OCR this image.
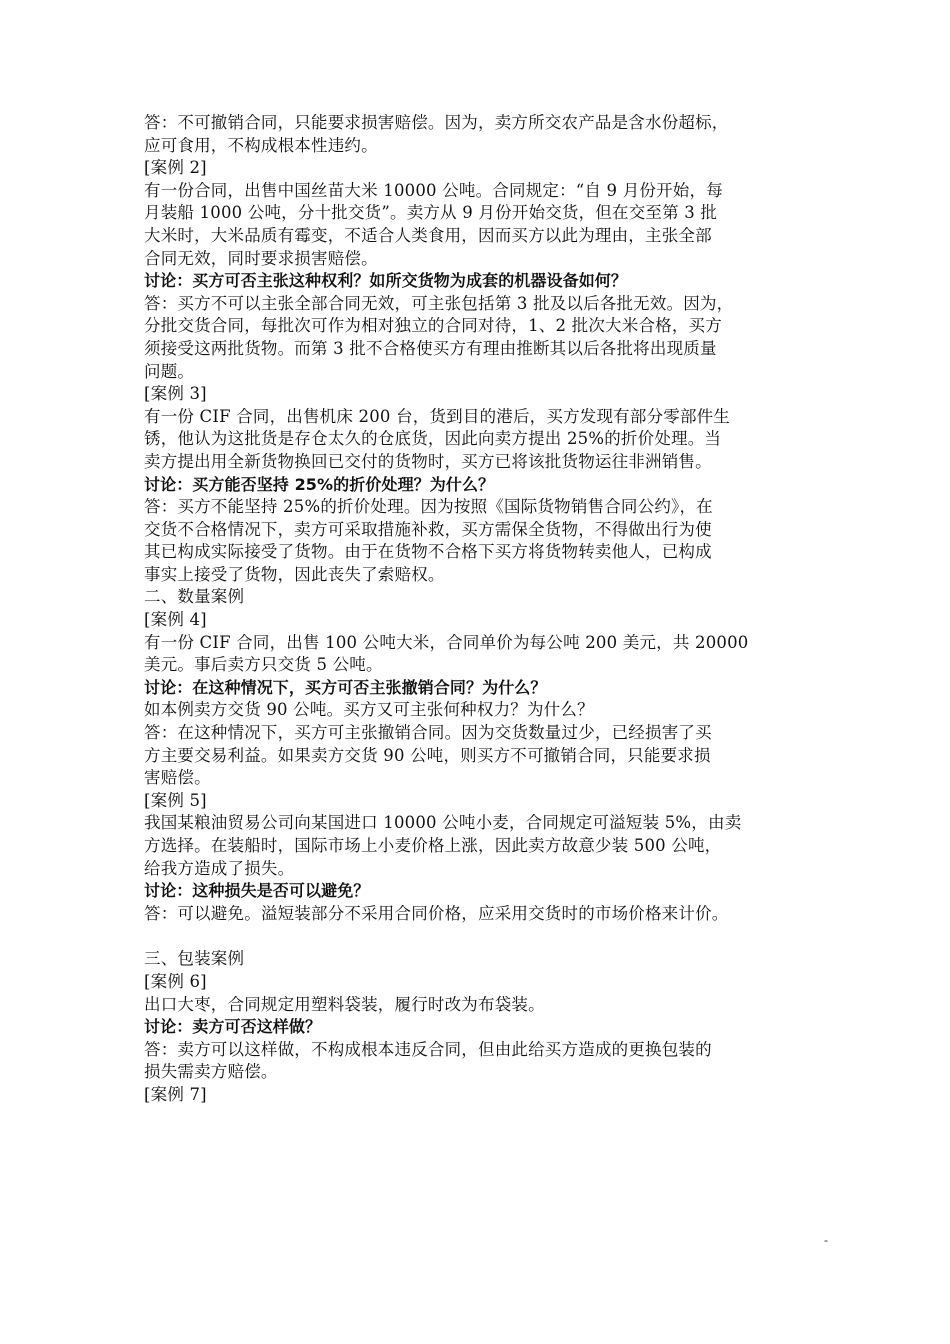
答：不可撤销合同，只能要求损害赔偿。因为，卖方所交农产品是含水份超标，
应可食用，不构成根本性违约。
[案例 2]
有一份合同，出售中国丝苗大米 10000 公吨。合同规定：“自 9 月份开始，每
月装船 1000 公吨，分十批交货”。卖方从 9 月份开始交货，但在交至第 3 批
大米时，大米品质有霉变，不适合人类食用，因而买方以此为理由，主张全部
合同无效，同时要求损害赔偿。
讨论：买方可否主张这种权利？如所交货物为成套的机器设备如何？
答：买方不可以主张全部合同无效，可主张包括第 3 批及以后各批无效。因为，
分批交货合同，每批次可作为相对独立的合同对待，1、2 批次大米合格，买方
须接受这两批货物。而第 3 批不合格使买方有理由推断其以后各批将出现质量
问题。
[案例 3]
有一份 CIF 合同，出售机床 200 台，货到目的港后，买方发现有部分零部件生
锈，他认为这批货是存仓太久的仓底货，因此向卖方提出 25%的折价处理。当
卖方提出用全新货物换回已交付的货物时，买方已将该批货物运往非洲销售。
讨论：买方能否坚持 25%的折价处理？为什么？
答：买方不能坚持 25%的折价处理。因为按照《国际货物销售合同公约》，在
交货不合格情况下，卖方可采取措施补救，买方需保全货物，不得做出行为使
其已构成实际接受了货物。由于在货物不合格下买方将货物转卖他人，已构成
事实上接受了货物，因此丧失了索赔权。
二、数量案例
[案例 4]
有一份 CIF 合同，出售 100 公吨大米，合同单价为每公吨 200 美元，共 20000
美元。事后卖方只交货 5 公吨。
讨论：在这种情况下，买方可否主张撤销合同？为什么？
如本例卖方交货 90 公吨。买方又可主张何种权力？为什么？
答：在这种情况下，买方可主张撤销合同。因为交货数量过少，已经损害了买
方主要交易利益。如果卖方交货 90 公吨，则买方不可撤销合同，只能要求损
害赔偿。
[案例 5]
我国某粮油贸易公司向某国进口 10000 公吨小麦，合同规定可溢短装 5%，由卖
方选择。在装船时，国际市场上小麦价格上涨，因此卖方故意少装 500 公吨，
给我方造成了损失。
讨论：这种损失是否可以避免？
答：可以避免。溢短装部分不采用合同价格，应采用交货时的市场价格来计价。
三、包装案例
[案例 6]
出口大枣，合同规定用塑料袋装，履行时改为布袋装。
讨论：卖方可否这样做？
答：卖方可以这样做，不构成根本违反合同，但由此给买方造成的更换包装的
损失需卖方赔偿。
[案例 7]
-
